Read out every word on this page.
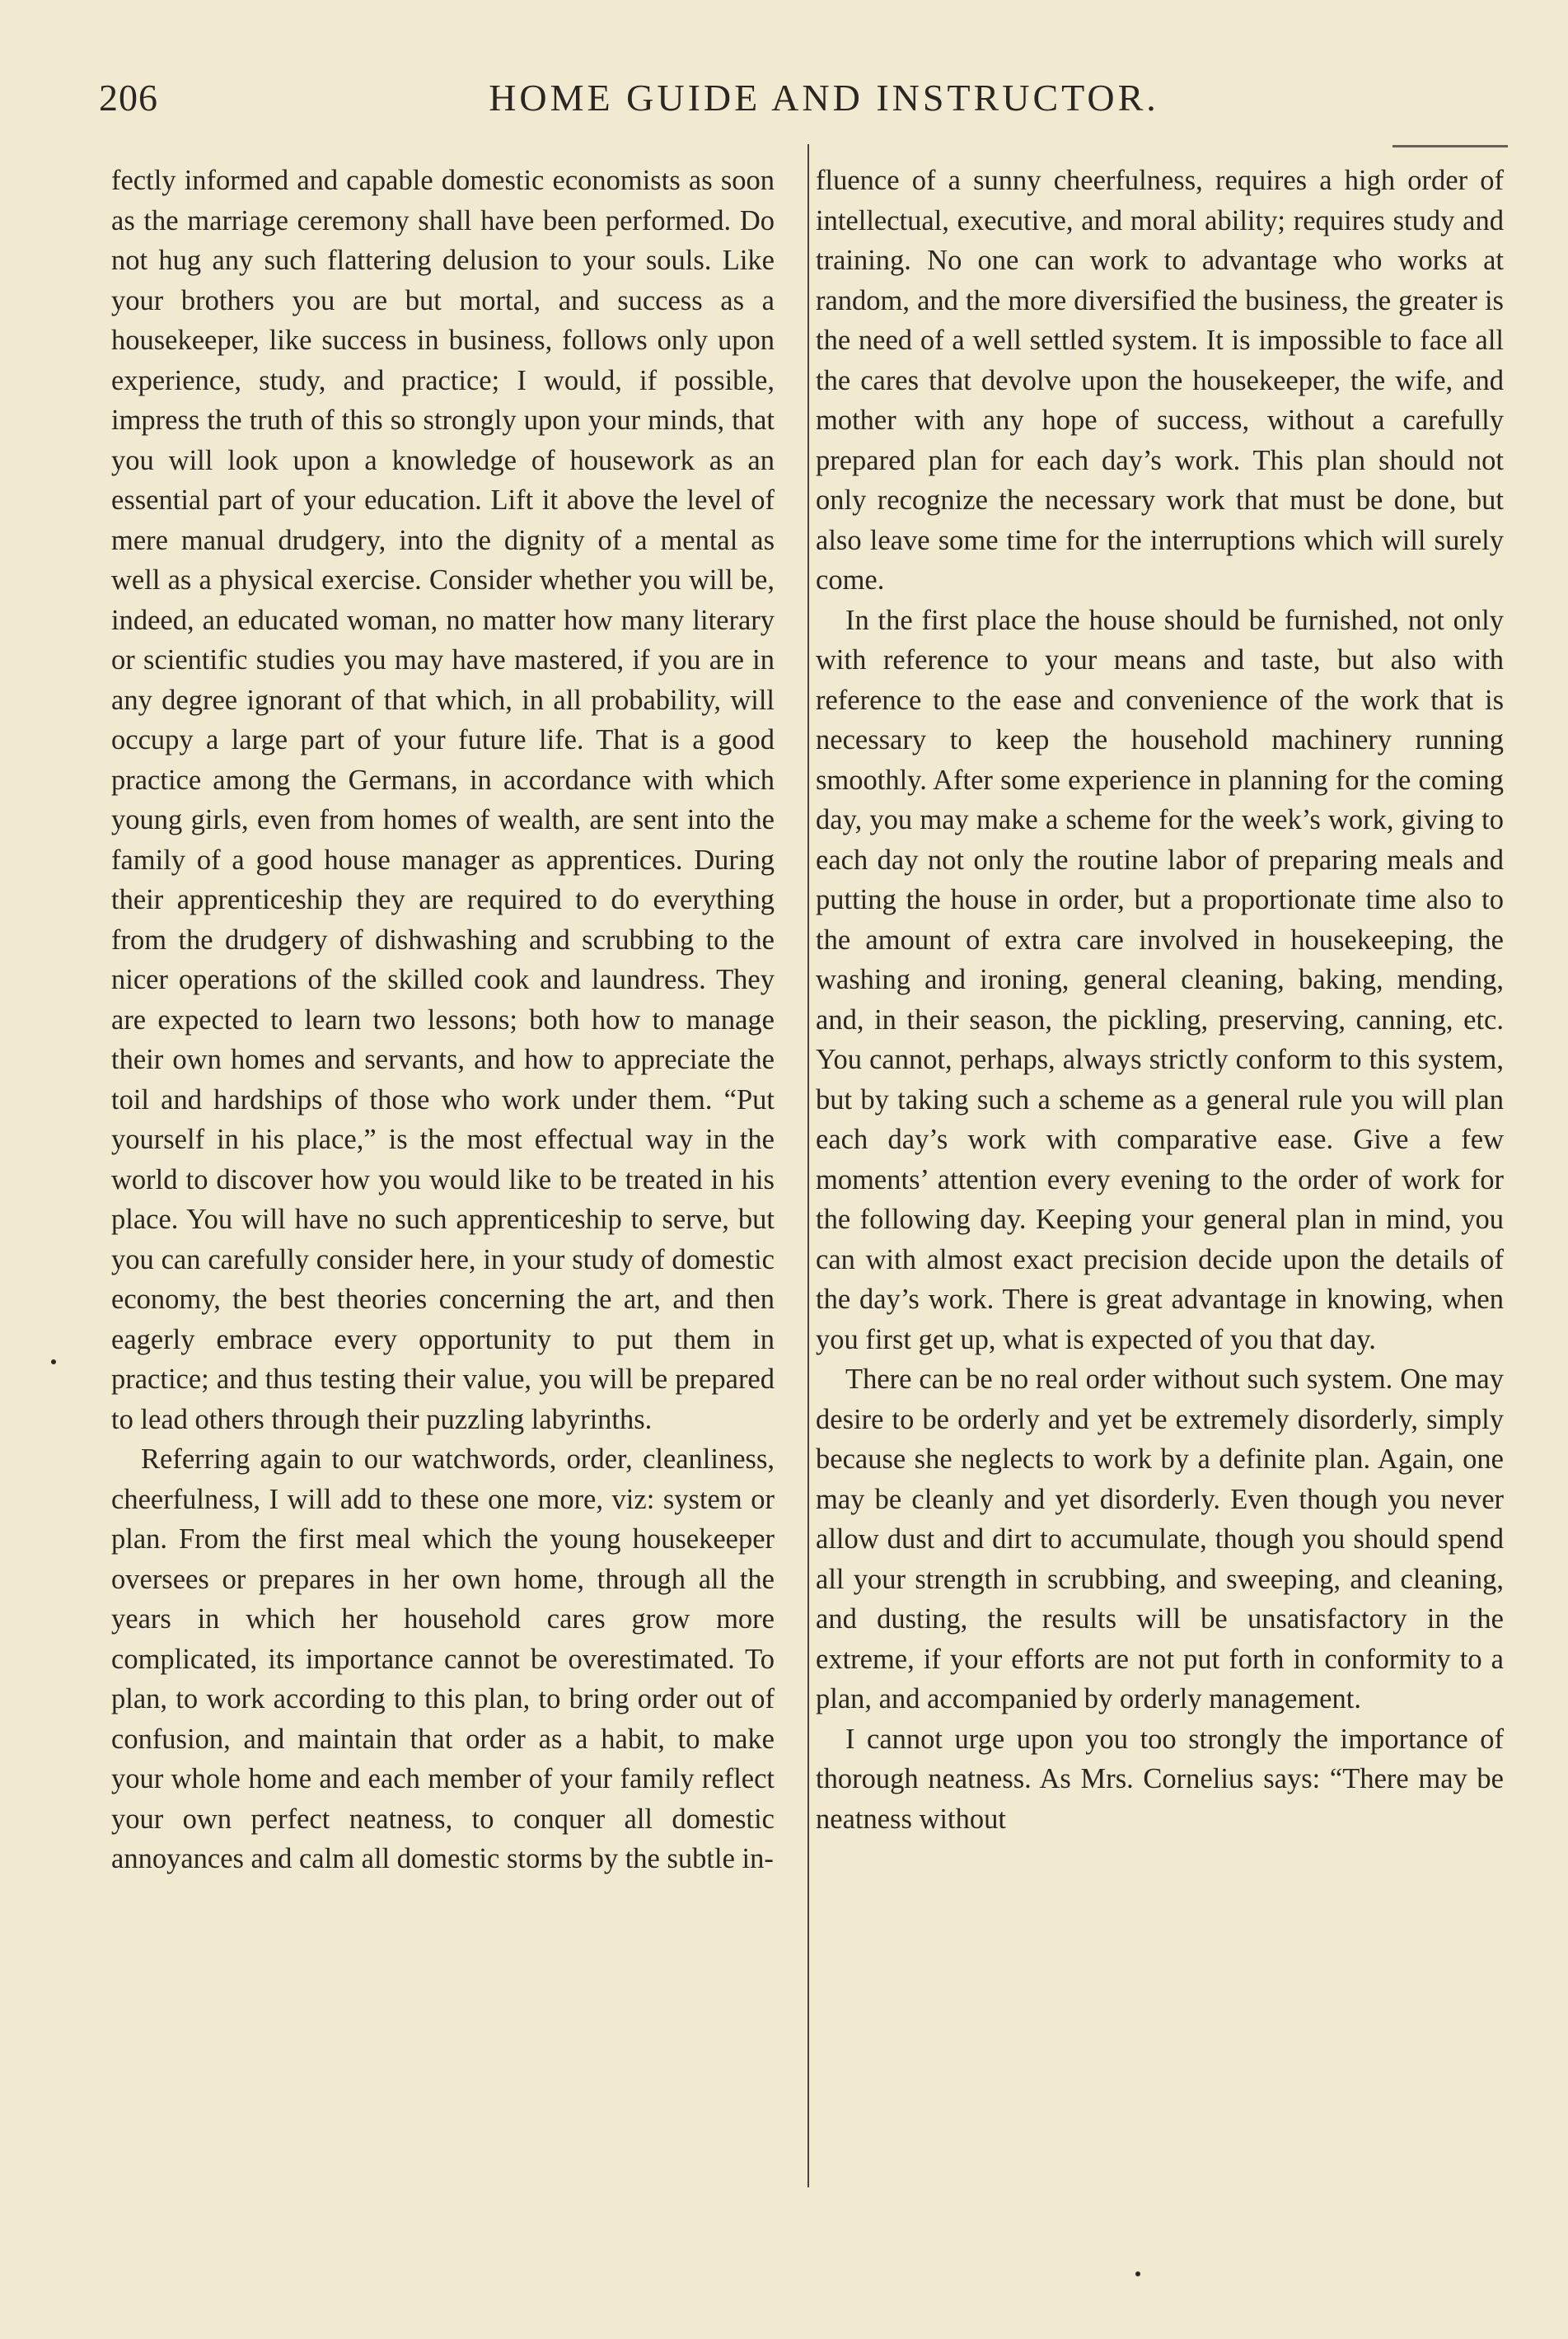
206	HOME GUIDE AND INSTRUCTOR.

fectly informed and capable domestic economists as soon as the marriage ceremony shall have been performed. Do not hug any such flattering delusion to your souls. Like your brothers you are but mortal, and success as a housekeeper, like success in business, follows only upon experience, study, and practice; I would, if possible, impress the truth of this so strongly upon your minds, that you will look upon a knowledge of housework as an essential part of your education. Lift it above the level of mere manual drudgery, into the dignity of a mental as well as a physical exercise. Consider whether you will be, indeed, an educated woman, no matter how many literary or scientific studies you may have mastered, if you are in any degree ignorant of that which, in all probability, will occupy a large part of your future life. That is a good practice among the Germans, in accordance with which young girls, even from homes of wealth, are sent into the family of a good house manager as apprentices. During their apprenticeship they are required to do everything from the drudgery of dishwashing and scrubbing to the nicer operations of the skilled cook and laundress. They are expected to learn two lessons; both how to manage their own homes and servants, and how to appreciate the toil and hardships of those who work under them. “Put yourself in his place,” is the most effectual way in the world to discover how you would like to be treated in his place. You will have no such apprenticeship to serve, but you can carefully consider here, in your study of domestic economy, the best theories concerning the art, and then eagerly embrace every opportunity to put them in practice; and thus testing their value, you will be prepared to lead others through their puzzling labyrinths.

Referring again to our watchwords, order, cleanliness, cheerfulness, I will add to these one more, viz: system or plan. From the first meal which the young housekeeper oversees or prepares in her own home, through all the years in which her household cares grow more complicated, its importance cannot be overestimated. To plan, to work according to this plan, to bring order out of confusion, and maintain that order as a habit, to make your whole home and each member of your family reflect your own perfect neatness, to conquer all domestic annoyances and calm all domestic storms by the subtle in-

fluence of a sunny cheerfulness, requires a high order of intellectual, executive, and moral ability; requires study and training. No one can work to advantage who works at random, and the more diversified the business, the greater is the need of a well settled system. It is impossible to face all the cares that devolve upon the housekeeper, the wife, and mother with any hope of success, without a carefully prepared plan for each day’s work. This plan should not only recognize the necessary work that must be done, but also leave some time for the interruptions which will surely come.

In the first place the house should be furnished, not only with reference to your means and taste, but also with reference to the ease and convenience of the work that is necessary to keep the household machinery running smoothly. After some experience in planning for the coming day, you may make a scheme for the week’s work, giving to each day not only the routine labor of preparing meals and putting the house in order, but a proportionate time also to the amount of extra care involved in housekeeping, the washing and ironing, general cleaning, baking, mending, and, in their season, the pickling, preserving, canning, etc. You cannot, perhaps, always strictly conform to this system, but by taking such a scheme as a general rule you will plan each day’s work with comparative ease. Give a few moments’ attention every evening to the order of work for the following day. Keeping your general plan in mind, you can with almost exact precision decide upon the details of the day’s work. There is great advantage in knowing, when you first get up, what is expected of you that day.

There can be no real order without such system. One may desire to be orderly and yet be extremely disorderly, simply because she neglects to work by a definite plan. Again, one may be cleanly and yet disorderly. Even though you never allow dust and dirt to accumulate, though you should spend all your strength in scrubbing, and sweeping, and cleaning, and dusting, the results will be unsatisfactory in the extreme, if your efforts are not put forth in conformity to a plan, and accompanied by orderly management.

I cannot urge upon you too strongly the importance of thorough neatness. As Mrs. Cornelius says: “There may be neatness without
